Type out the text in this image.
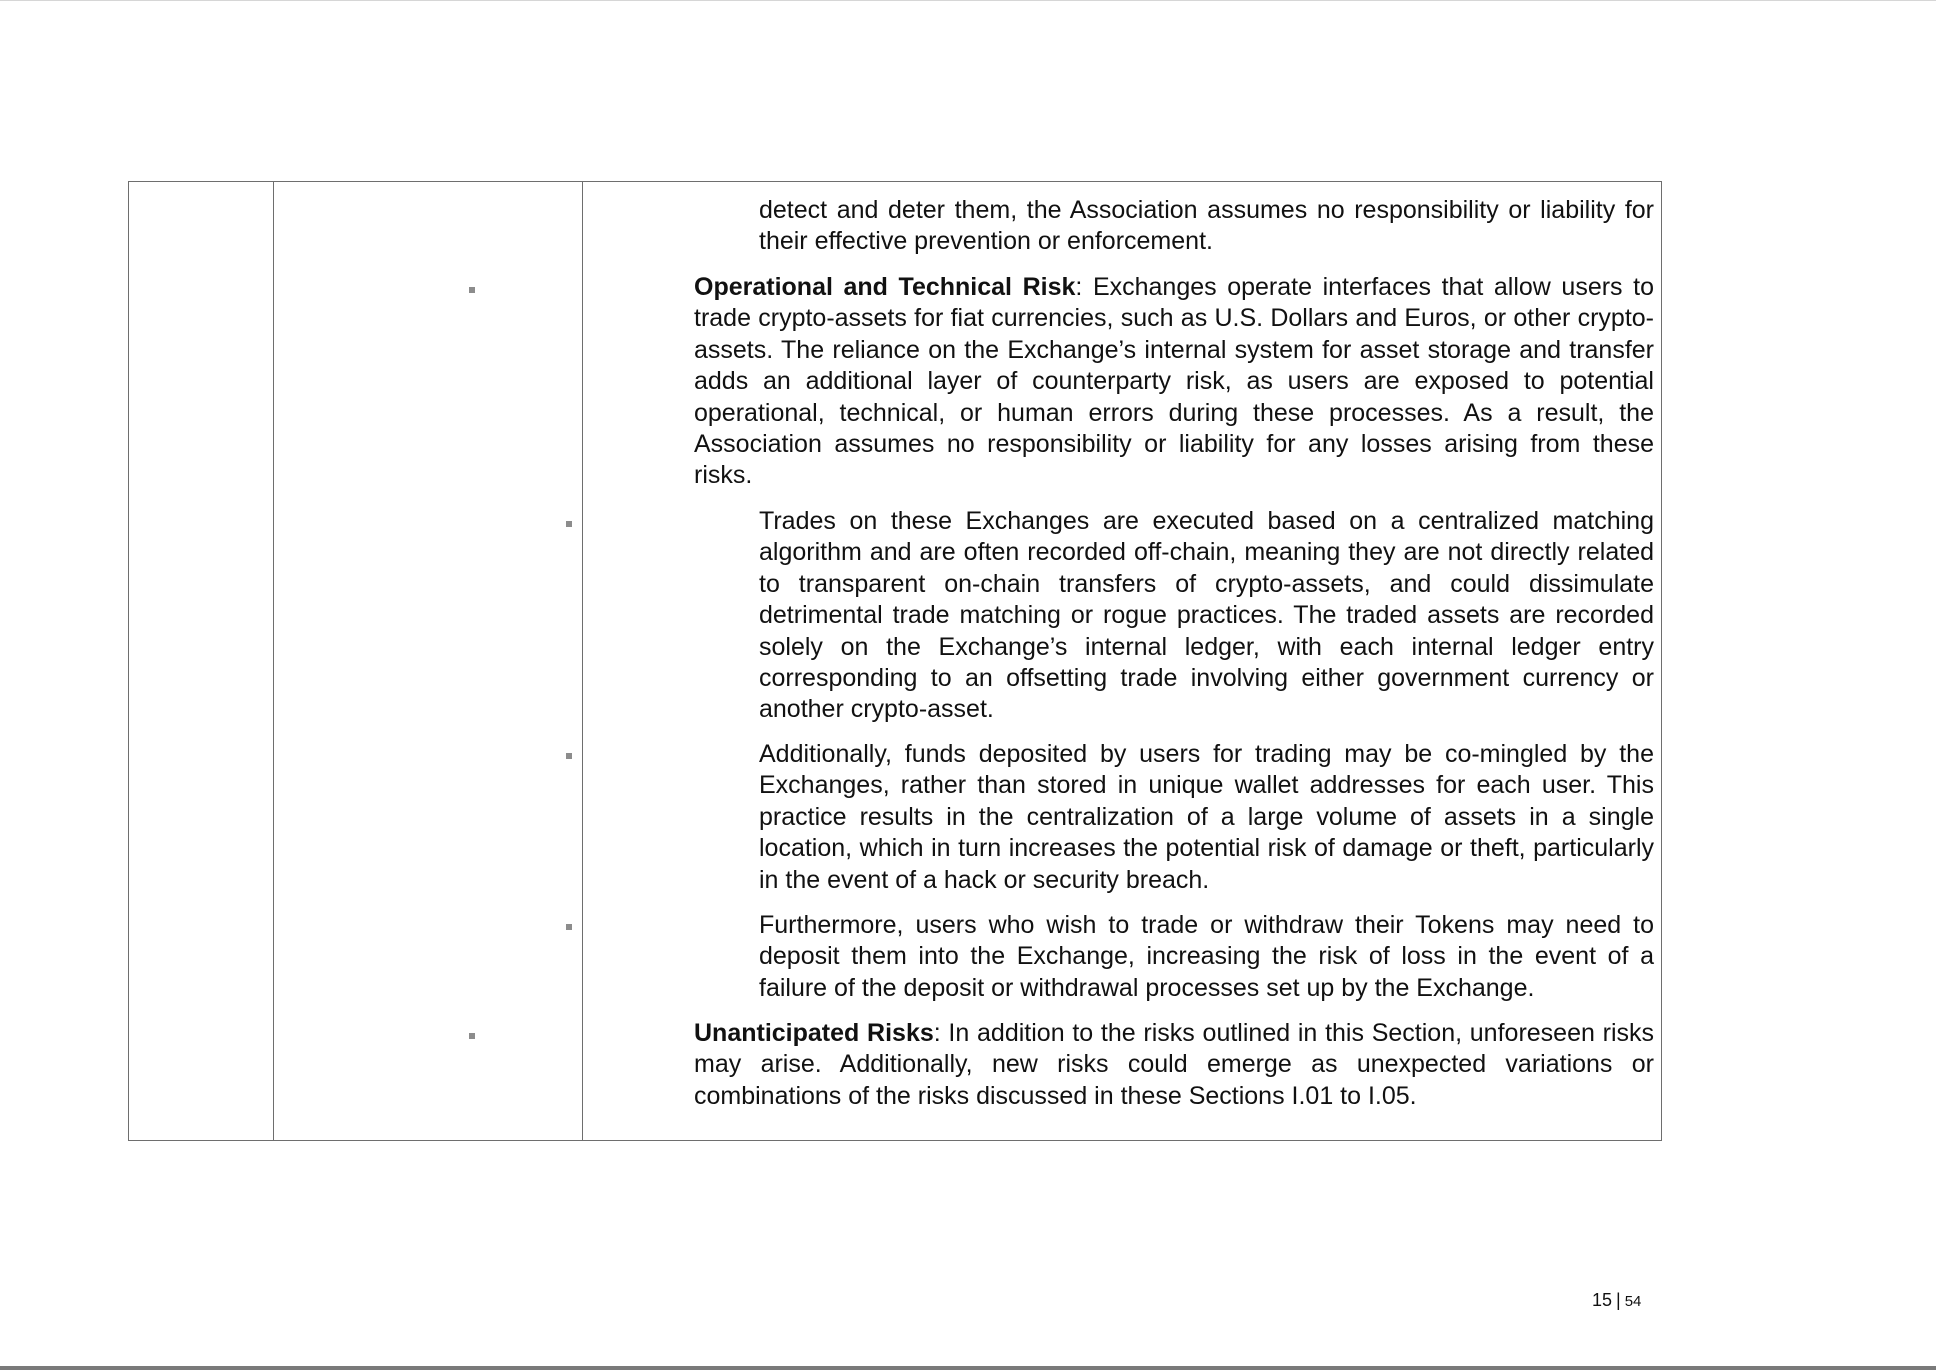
detect and deter them, the Association assumes no responsibility or liability for their effective prevention or enforcement.

Operational and Technical Risk: Exchanges operate interfaces that allow users to trade crypto-assets for fiat currencies, such as U.S. Dollars and Euros, or other crypto-assets. The reliance on the Exchange’s internal system for asset storage and transfer adds an additional layer of counterparty risk, as users are exposed to potential operational, technical, or human errors during these processes. As a result, the Association assumes no responsibility or liability for any losses arising from these risks.

Trades on these Exchanges are executed based on a centralized matching algorithm and are often recorded off-chain, meaning they are not directly related to transparent on-chain transfers of crypto-assets, and could dissimulate detrimental trade matching or rogue practices. The traded assets are recorded solely on the Exchange’s internal ledger, with each internal ledger entry corresponding to an offsetting trade involving either government currency or another crypto-asset.

Additionally, funds deposited by users for trading may be co-mingled by the Exchanges, rather than stored in unique wallet addresses for each user. This practice results in the centralization of a large volume of assets in a single location, which in turn increases the potential risk of damage or theft, particularly in the event of a hack or security breach.

Furthermore, users who wish to trade or withdraw their Tokens may need to deposit them into the Exchange, increasing the risk of loss in the event of a failure of the deposit or withdrawal processes set up by the Exchange.

Unanticipated Risks: In addition to the risks outlined in this Section, unforeseen risks may arise. Additionally, new risks could emerge as unexpected variations or combinations of the risks discussed in these Sections I.01 to I.05.

15 | 54
